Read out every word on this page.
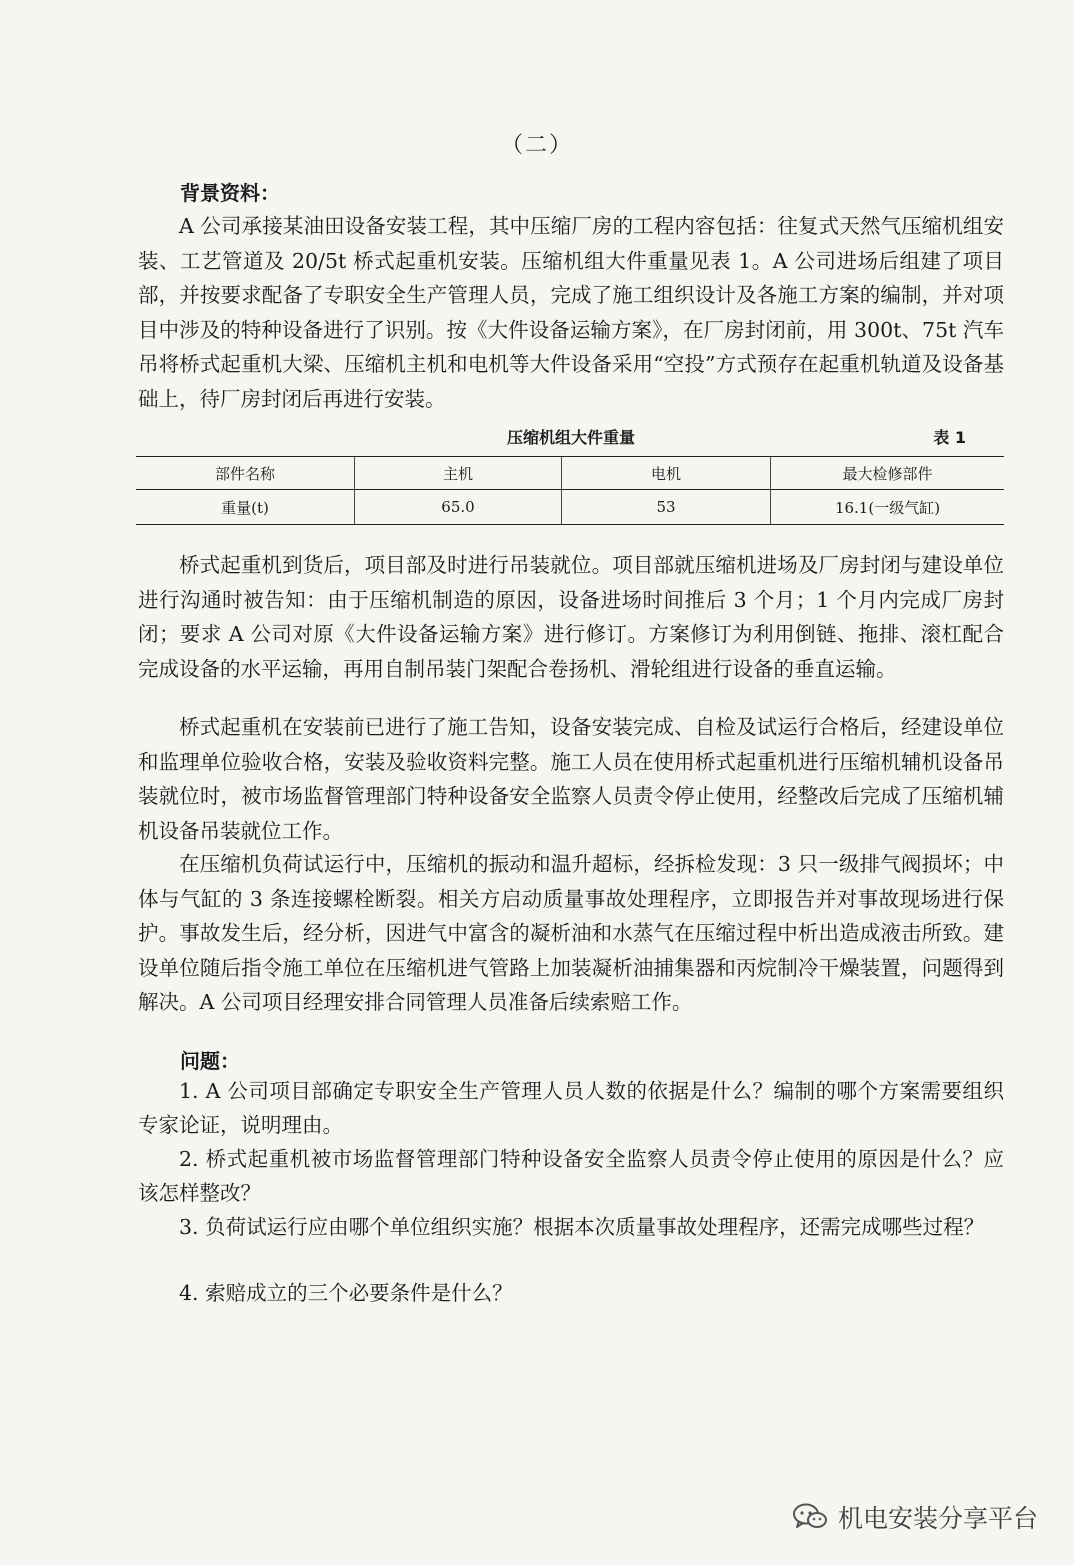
（二）
背景资料：

A 公司承接某油田设备安装工程，其中压缩厂房的工程内容包括：往复式天然气压缩机组安装、工艺管道及 20/5t 桥式起重机安装。压缩机组大件重量见表 1。A 公司进场后组建了项目部，并按要求配备了专职安全生产管理人员，完成了施工组织设计及各施工方案的编制，并对项目中涉及的特种设备进行了识别。按《大件设备运输方案》，在厂房封闭前，用 300t、75t 汽车吊将桥式起重机大梁、压缩机主机和电机等大件设备采用“空投”方式预存在起重机轨道及设备基础上，待厂房封闭后再进行安装。

压缩机组大件重量	表 1
部件名称	主机	电机	最大检修部件
重量(t)	65.0	53	16.1(一级气缸)

桥式起重机到货后，项目部及时进行吊装就位。项目部就压缩机进场及厂房封闭与建设单位进行沟通时被告知：由于压缩机制造的原因，设备进场时间推后 3 个月；1 个月内完成厂房封闭；要求 A 公司对原《大件设备运输方案》进行修订。方案修订为利用倒链、拖排、滚杠配合完成设备的水平运输，再用自制吊装门架配合卷扬机、滑轮组进行设备的垂直运输。

桥式起重机在安装前已进行了施工告知，设备安装完成、自检及试运行合格后，经建设单位和监理单位验收合格，安装及验收资料完整。施工人员在使用桥式起重机进行压缩机辅机设备吊装就位时，被市场监督管理部门特种设备安全监察人员责令停止使用，经整改后完成了压缩机辅机设备吊装就位工作。

在压缩机负荷试运行中，压缩机的振动和温升超标，经拆检发现：3 只一级排气阀损坏；中体与气缸的 3 条连接螺栓断裂。相关方启动质量事故处理程序，立即报告并对事故现场进行保护。事故发生后，经分析，因进气中富含的凝析油和水蒸气在压缩过程中析出造成液击所致。建设单位随后指令施工单位在压缩机进气管路上加装凝析油捕集器和丙烷制冷干燥装置，问题得到解决。A 公司项目经理安排合同管理人员准备后续索赔工作。

问题：

1. A 公司项目部确定专职安全生产管理人员人数的依据是什么？编制的哪个方案需要组织专家论证，说明理由。

2. 桥式起重机被市场监督管理部门特种设备安全监察人员责令停止使用的原因是什么？应该怎样整改？

3. 负荷试运行应由哪个单位组织实施？根据本次质量事故处理程序，还需完成哪些过程？

4. 索赔成立的三个必要条件是什么？

机电安装分享平台
